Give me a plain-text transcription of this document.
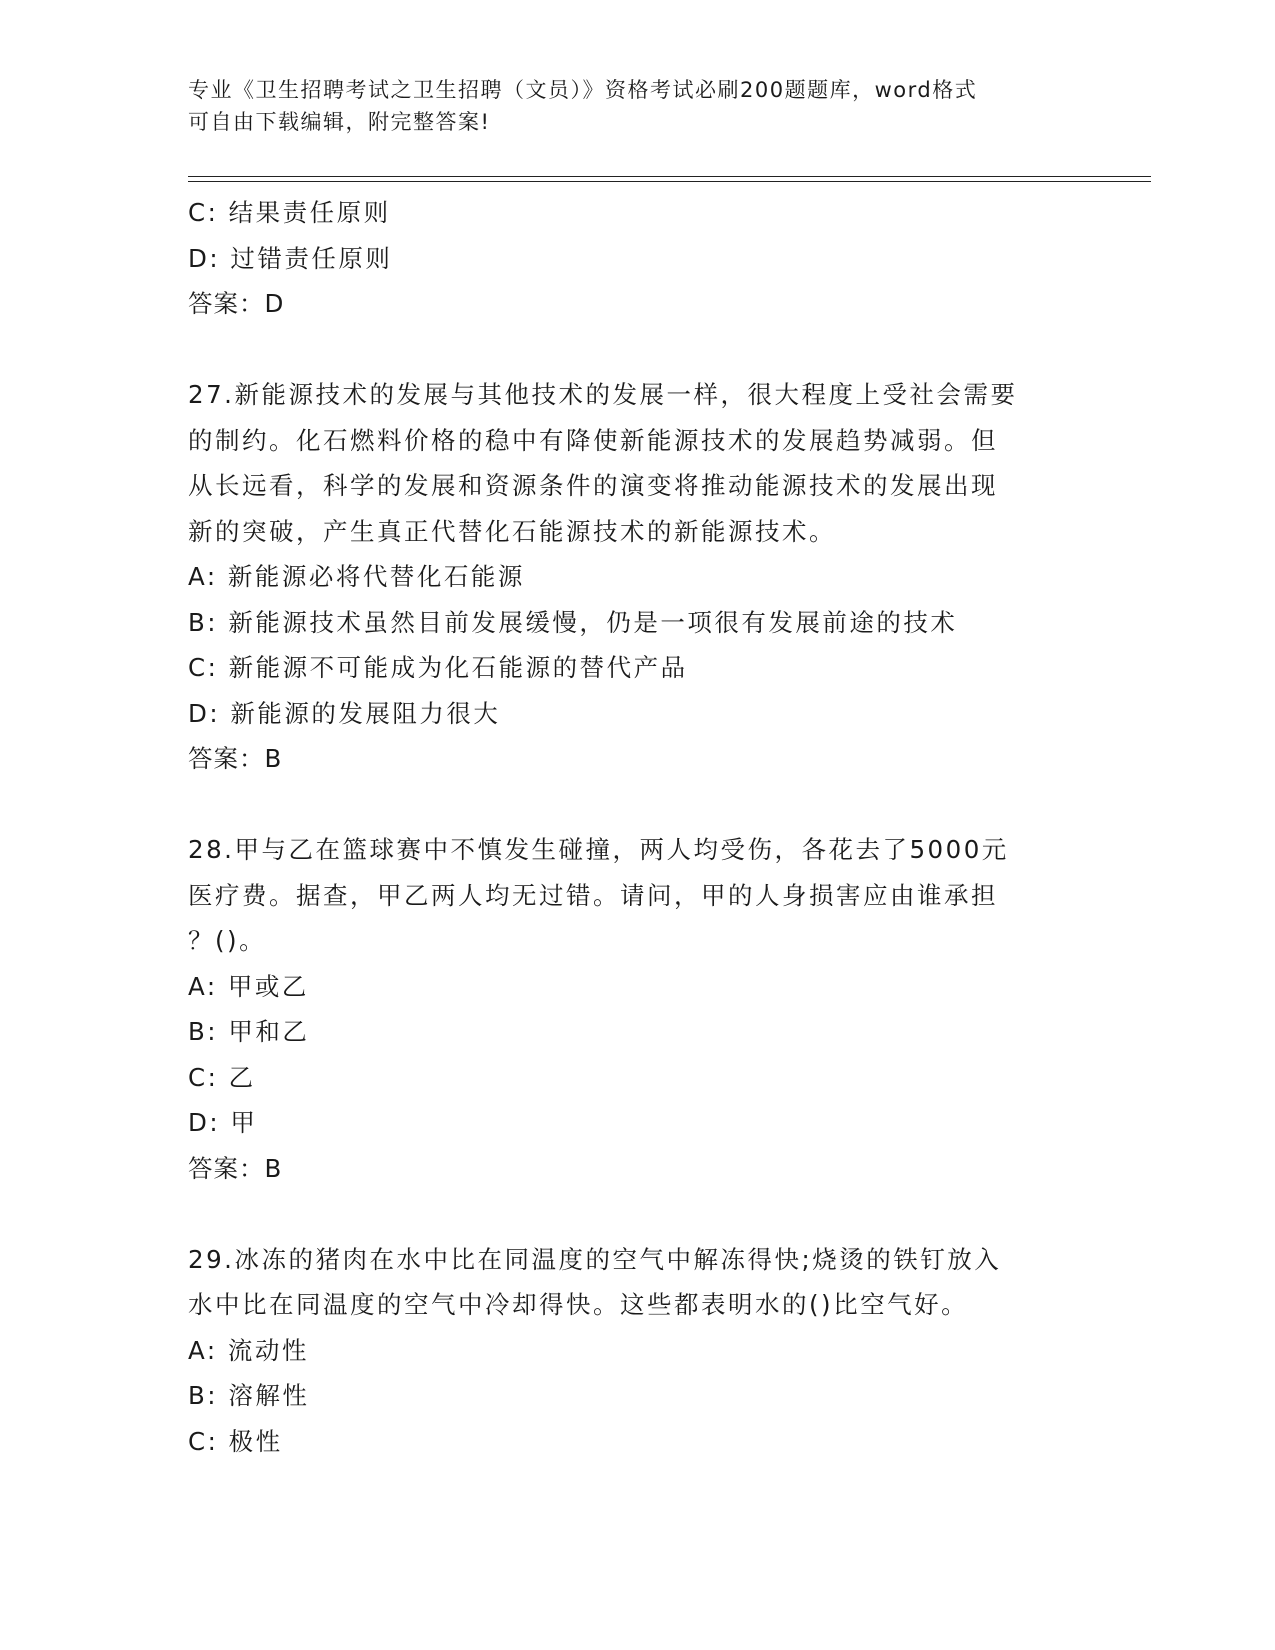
专业《卫生招聘考试之卫生招聘（文员）》资格考试必刷200题题库，word格式
可自由下载编辑，附完整答案!
C: 结果责任原则
D: 过错责任原则
答案：D
27.新能源技术的发展与其他技术的发展一样，很大程度上受社会需要
的制约。化石燃料价格的稳中有降使新能源技术的发展趋势减弱。但
从长远看，科学的发展和资源条件的演变将推动能源技术的发展出现
新的突破，产生真正代替化石能源技术的新能源技术。
A: 新能源必将代替化石能源
B: 新能源技术虽然目前发展缓慢，仍是一项很有发展前途的技术
C: 新能源不可能成为化石能源的替代产品
D: 新能源的发展阻力很大
答案：B
28.甲与乙在篮球赛中不慎发生碰撞，两人均受伤，各花去了5000元
医疗费。据查，甲乙两人均无过错。请问，甲的人身损害应由谁承担
？()。
A: 甲或乙
B: 甲和乙
C: 乙
D: 甲
答案：B
29.冰冻的猪肉在水中比在同温度的空气中解冻得快;烧烫的铁钉放入
水中比在同温度的空气中冷却得快。这些都表明水的()比空气好。
A: 流动性
B: 溶解性
C: 极性
